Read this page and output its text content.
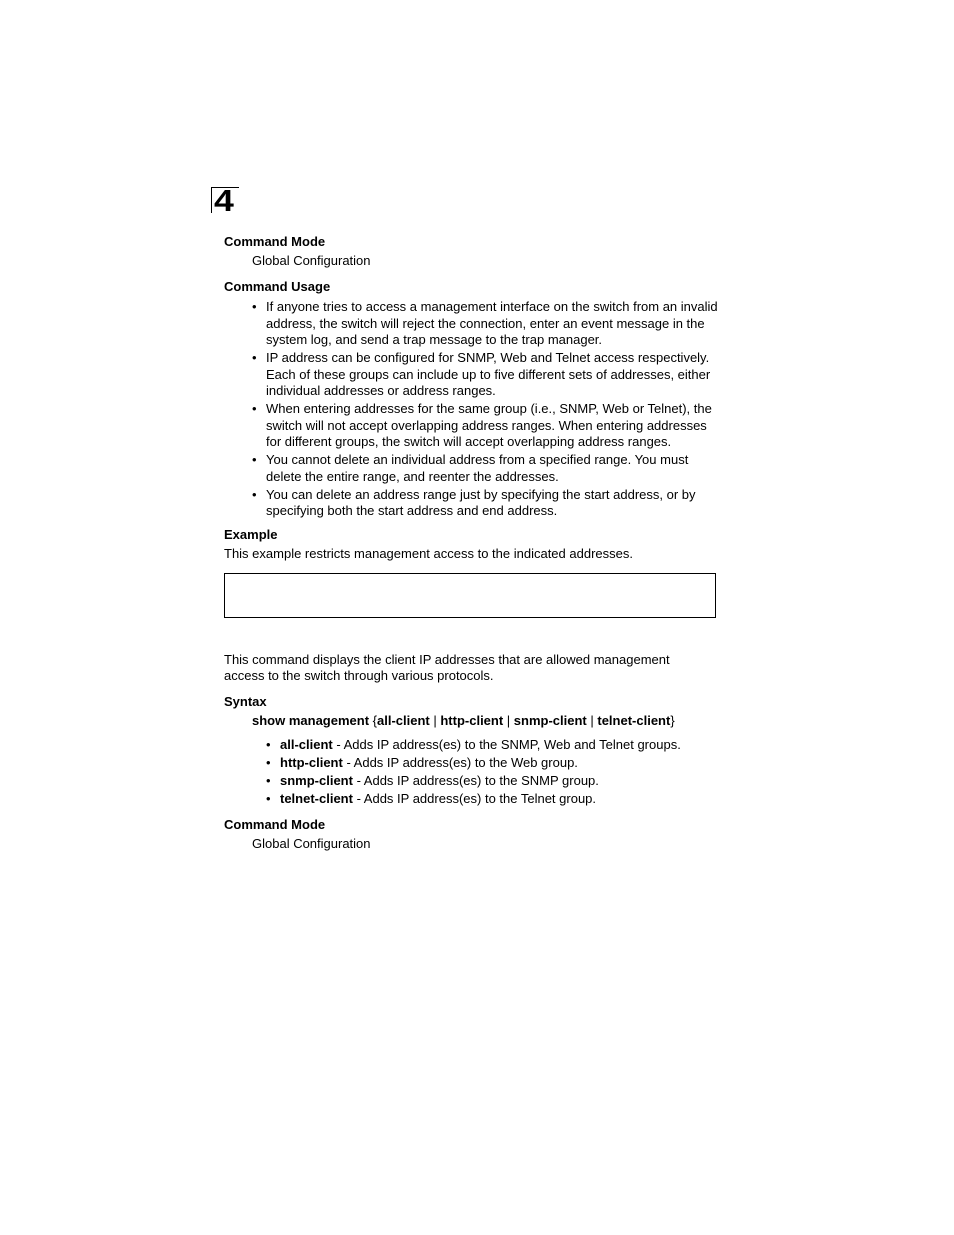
4
Command Mode
Global Configuration
Command Usage
• If anyone tries to access a management interface on the switch from an invalid
address, the switch will reject the connection, enter an event message in the
system log, and send a trap message to the trap manager.
• IP address can be configured for SNMP, Web and Telnet access respectively.
Each of these groups can include up to five different sets of addresses, either
individual addresses or address ranges.
• When entering addresses for the same group (i.e., SNMP, Web or Telnet), the
switch will not accept overlapping address ranges. When entering addresses
for different groups, the switch will accept overlapping address ranges.
• You cannot delete an individual address from a specified range. You must
delete the entire range, and reenter the addresses.
• You can delete an address range just by specifying the start address, or by
specifying both the start address and end address.
Example
This example restricts management access to the indicated addresses.
This command displays the client IP addresses that are allowed management
access to the switch through various protocols.
Syntax
show management {all-client | http-client | snmp-client | telnet-client}
• all-client - Adds IP address(es) to the SNMP, Web and Telnet groups.
• http-client - Adds IP address(es) to the Web group.
• snmp-client - Adds IP address(es) to the SNMP group.
• telnet-client - Adds IP address(es) to the Telnet group.
Command Mode
Global Configuration
